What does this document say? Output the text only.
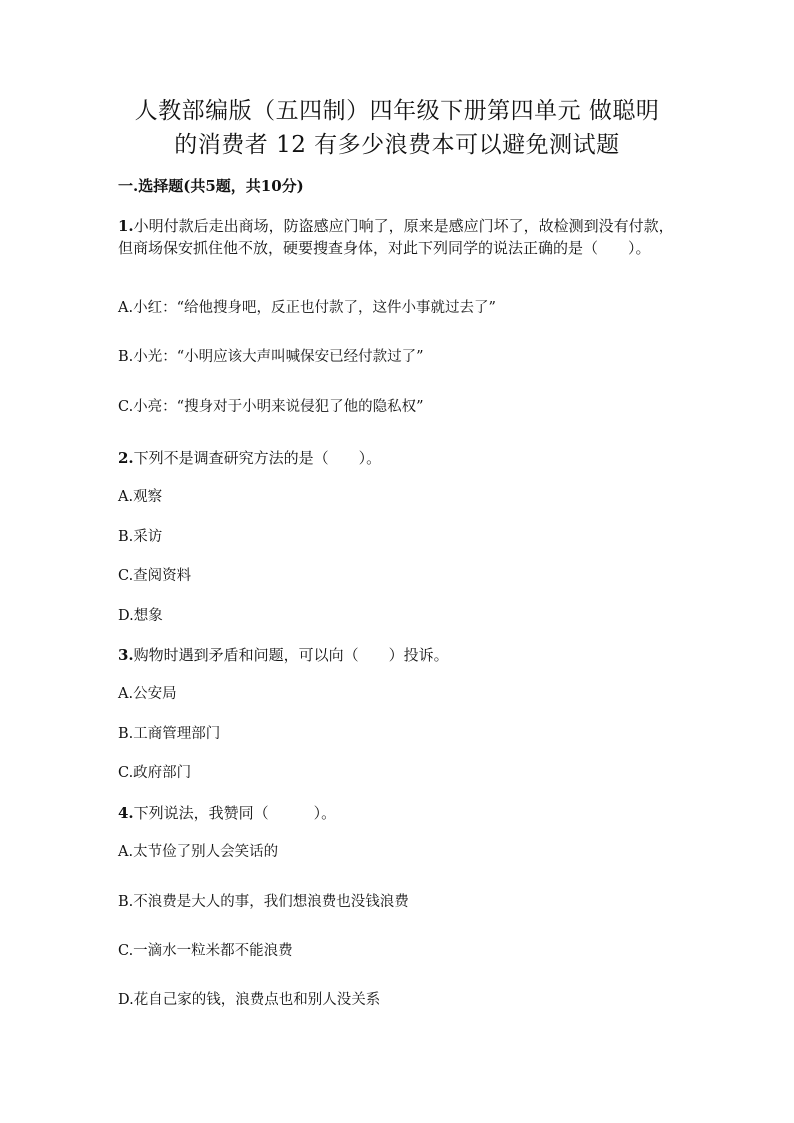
人教部编版（五四制）四年级下册第四单元 做聪明
的消费者 12 有多少浪费本可以避免测试题

一.选择题(共5题，共10分)

1.小明付款后走出商场，防盗感应门响了，原来是感应门坏了，故检测到没有付款，但商场保安抓住他不放，硬要搜查身体，对此下列同学的说法正确的是（　　）。

A.小红：“给他搜身吧，反正也付款了，这件小事就过去了”

B.小光：“小明应该大声叫喊保安已经付款过了”

C.小亮：“搜身对于小明来说侵犯了他的隐私权”

2.下列不是调查研究方法的是（　　）。

A.观察

B.采访

C.查阅资料

D.想象

3.购物时遇到矛盾和问题，可以向（　　）投诉。

A.公安局

B.工商管理部门

C.政府部门

4.下列说法，我赞同（　　　）。

A.太节俭了别人会笑话的

B.不浪费是大人的事，我们想浪费也没钱浪费

C.一滴水一粒米都不能浪费

D.花自己家的钱，浪费点也和别人没关系
